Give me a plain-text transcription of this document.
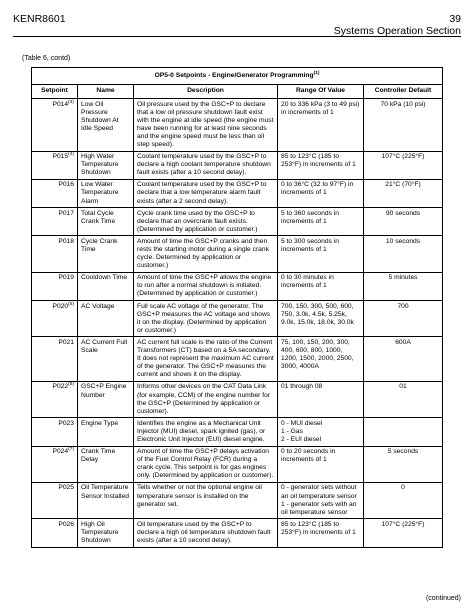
KENR8601	39
Systems Operation Section
(Table 6, contd)
OP5-0 Setpoints - Engine/Generator Programming$^{(1)}$
Setpoint	Name	Description	Range Of Value	Controller Default
P014$^{(3)}$	Low Oil Pressure Shutdown At Idle Speed	Oil pressure used by the GSC+P to declare that a low oil pressure shutdown fault exist with the engine at idle speed (the engine must have been running for at least nine seconds and the engine speed must be less than oil step speed).	20 to 336 kPa (3 to 49 psi) in increments of 1	70 kPa (10 psi)
P015$^{(4)}$	High Water Temperature Shutdown	Coolant temperature used by the GSC+P to declare a high coolant temperature shutdown fault exists (after a 10 second delay).	85 to 123°C (185 to 253°F) in increments of 1	107°C (225°F)
P016	Low Water Temperature Alarm	Coolant temperature used by the GSC+P to declare that a low temperature alarm fault exists (after a 2 second delay).	0 to 36°C (32 to 97°F) in increments of 1	21°C (70°F)
P017	Total Cycle Crank Time	Cycle crank time used by the GSC+P to declare that an overcrank fault exists. (Determined by application or customer.)	5 to 360 seconds in increments of 1	90 seconds
P018	Cycle Crank Time	Amount of time the GSC+P cranks and then rests the starting motor during a single crank cycle. Determined by application or customer.)	5 to 300 seconds in increments of 1	10 seconds
P019	Cooldown Time	Amount of time the GSC+P allows the engine to run after a normal shutdown is initiated. (Determined by application or customer.)	0 to 30 minutes in increments of 1	5 minutes
P020$^{(5)}$	AC Voltage	Full scale AC voltage of the generator. The GSC+P measures the AC voltage and shows it on the display. (Determined by application or customer.)	700, 150, 300, 500, 600, 750, 3.0k, 4.5k, 5.25k, 9.0k, 15.0k, 18.0k, 30.0k	700
P021	AC Current Full Scale	AC current full scale is the ratio of the Current Transformers (CT) based on a 5A secondary. It does not represent the maximum AC current of the generator. The GSC+P measures the current and shows it on the display.	75, 100, 150, 200, 300, 400, 600, 800, 1000, 1200, 1500, 2000, 2500, 3000, 4000A	600A
P022$^{(6)}$	GSC+P Engine Number	Informs other devices on the CAT Data Link (for example, CCM) of the engine number for the GSC+P (Determined by application or customer).	01 through 08	01
P023	Engine Type	Identifies the engine as a Mechanical Unit Injector (MUI) diesel, spark ignited (gas), or Electronic Unit Injector (EUI) diesel engine.	0 - MUI diesel
1 - Gas
2 - EUI diesel	
P024$^{(7)}$	Crank Time Delay	Amount of time the GSC+P delays activation of the Fuel Control Relay (FCR) during a crank cycle. This setpoint is for gas engines only. (Determined by application or customer).	0 to 20 seconds in increments of 1	5 seconds
P025	Oil Temperature Sensor Installed	Tells whether or not the optional engine oil temperature sensor is installed on the generator set.	0 - generator sets without an oil temperature sensor
1 - generator sets with an oil temperature sensor	0
P026	High Oil Temperature Shutdown	Oil temperature used by the GSC+P to declare a high oil temperature shutdown fault exists (after a 10 second delay).	85 to 123°C (185 to 253°F) in increments of 1	107°C (225°F)
(continued)
